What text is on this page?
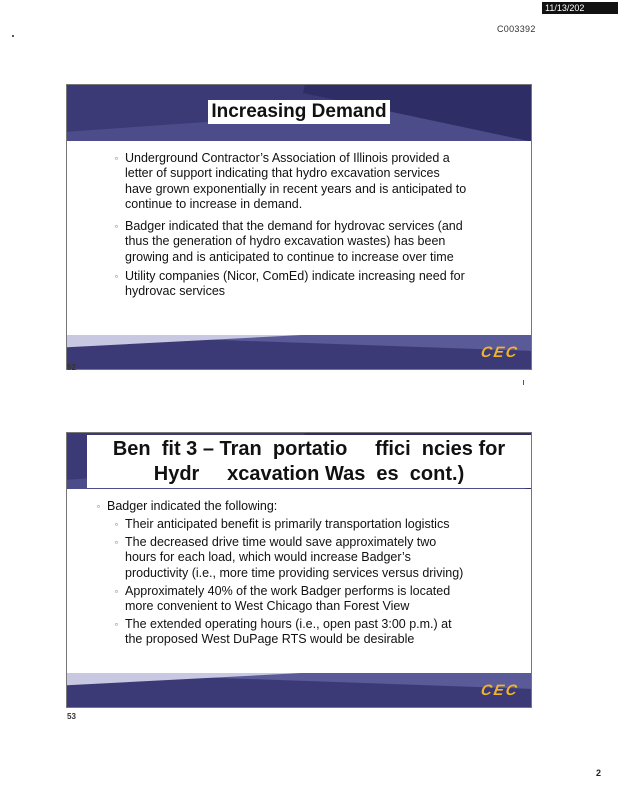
11/13/202
C003392
Increasing Demand
▫ Underground Contractor’s Association of Illinois provided a
letter of support indicating that hydro excavation services
have grown exponentially in recent years and is anticipated to
continue to increase in demand.
▫ Badger indicated that the demand for hydrovac services (and
thus the generation of hydro excavation wastes) has been
growing and is anticipated to continue to increase over time
▫ Utility companies (Nicor, ComEd) indicate increasing need for
hydrovac services
CEC
52
Ben  fit 3 – Tran  portatio     ffici  ncies for
Hydr     xcavation Was  es  cont.)
▫ Badger indicated the following:
▫ Their anticipated benefit is primarily transportation logistics
▫ The decreased drive time would save approximately two
hours for each load, which would increase Badger’s
productivity (i.e., more time providing services versus driving)
▫ Approximately 40% of the work Badger performs is located
more convenient to West Chicago than Forest View
▫ The extended operating hours (i.e., open past 3:00 p.m.) at
the proposed West DuPage RTS would be desirable
CEC
53
2
